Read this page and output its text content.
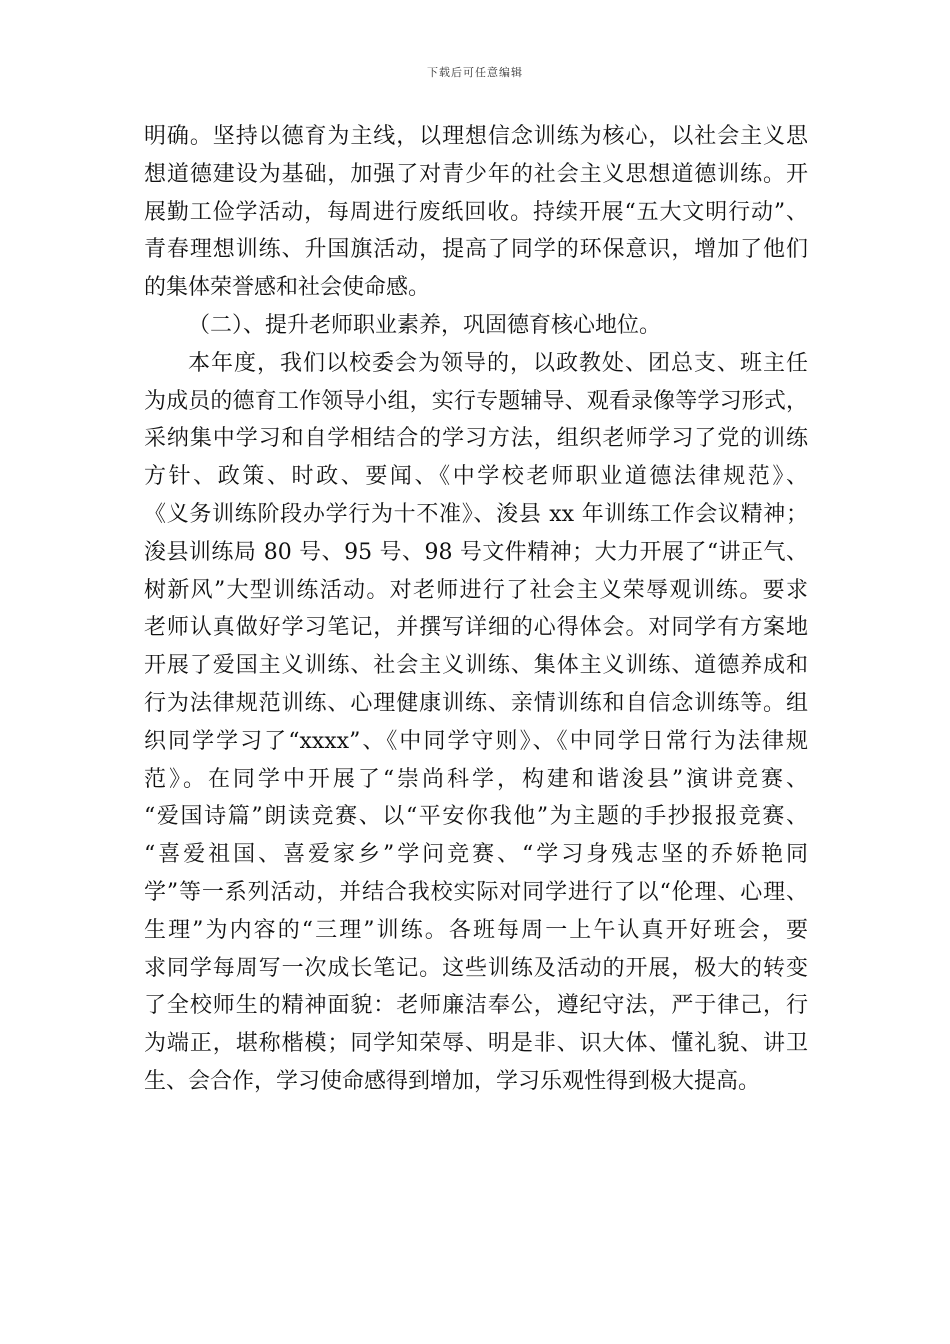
下载后可任意编辑
明确。坚持以德育为主线，以理想信念训练为核心，以社会主义思
想道德建设为基础，加强了对青少年的社会主义思想道德训练。开
展勤工俭学活动，每周进行废纸回收。持续开展“五大文明行动”、
青春理想训练、升国旗活动，提高了同学的环保意识，增加了他们
的集体荣誉感和社会使命感。
（二）、提升老师职业素养，巩固德育核心地位。
本年度，我们以校委会为领导的，以政教处、团总支、班主任
为成员的德育工作领导小组，实行专题辅导、观看录像等学习形式，
采纳集中学习和自学相结合的学习方法，组织老师学习了党的训练
方针、政策、时政、要闻、《中学校老师职业道德法律规范》、
《义务训练阶段办学行为十不准》、浚县 xx 年训练工作会议精神；
浚县训练局 80 号、95 号、98 号文件精神；大力开展了“讲正气、
树新风”大型训练活动。对老师进行了社会主义荣辱观训练。要求
老师认真做好学习笔记，并撰写详细的心得体会。对同学有方案地
开展了爱国主义训练、社会主义训练、集体主义训练、道德养成和
行为法律规范训练、心理健康训练、亲情训练和自信念训练等。组
织同学学习了“xxxx”、《中同学守则》、《中同学日常行为法律规
范》。在同学中开展了“崇尚科学，构建和谐浚县”演讲竞赛、
“爱国诗篇”朗读竞赛、以“平安你我他”为主题的手抄报报竞赛、
“喜爱祖国、喜爱家乡”学问竞赛、“学习身残志坚的乔娇艳同
学”等一系列活动，并结合我校实际对同学进行了以“伦理、心理、
生理”为内容的“三理”训练。各班每周一上午认真开好班会，要
求同学每周写一次成长笔记。这些训练及活动的开展，极大的转变
了全校师生的精神面貌：老师廉洁奉公，遵纪守法，严于律己，行
为端正，堪称楷模；同学知荣辱、明是非、识大体、懂礼貌、讲卫
生、会合作，学习使命感得到增加，学习乐观性得到极大提高。
